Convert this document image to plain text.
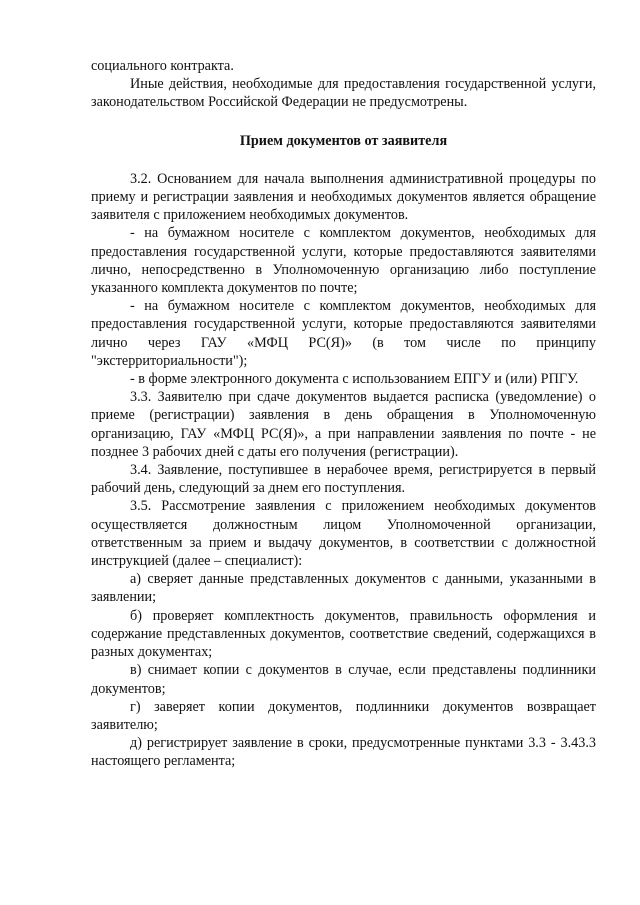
социального контракта.

Иные действия, необходимые для предоставления государственной услуги, законодательством Российской Федерации не предусмотрены.

Прием документов от заявителя

3.2. Основанием для начала выполнения административной процедуры по приему и регистрации заявления и необходимых документов является обращение заявителя с приложением необходимых документов.

- на бумажном носителе с комплектом документов, необходимых для предоставления государственной услуги, которые предоставляются заявителями лично, непосредственно в Уполномоченную организацию либо поступление указанного комплекта документов по почте;

- на бумажном носителе с комплектом документов, необходимых для предоставления государственной услуги, которые предоставляются заявителями лично через ГАУ «МФЦ РС(Я)» (в том числе по принципу "экстерриториальности");

- в форме электронного документа с использованием ЕПГУ и (или) РПГУ.

3.3. Заявителю при сдаче документов выдается расписка (уведомление) о приеме (регистрации) заявления в день обращения в Уполномоченную организацию, ГАУ «МФЦ РС(Я)», а при направлении заявления по почте - не позднее 3 рабочих дней с даты его получения (регистрации).

3.4. Заявление, поступившее в нерабочее время, регистрируется в первый рабочий день, следующий за днем его поступления.

3.5. Рассмотрение заявления с приложением необходимых документов осуществляется должностным лицом Уполномоченной организации, ответственным за прием и выдачу документов, в соответствии с должностной инструкцией (далее – специалист):

а) сверяет данные представленных документов с данными, указанными в заявлении;

б) проверяет комплектность документов, правильность оформления и содержание представленных документов, соответствие сведений, содержащихся в разных документах;

в) снимает копии с документов в случае, если представлены подлинники документов;

г) заверяет копии документов, подлинники документов возвращает заявителю;

д) регистрирует заявление в сроки, предусмотренные пунктами 3.3 - 3.43.3 настоящего регламента;
